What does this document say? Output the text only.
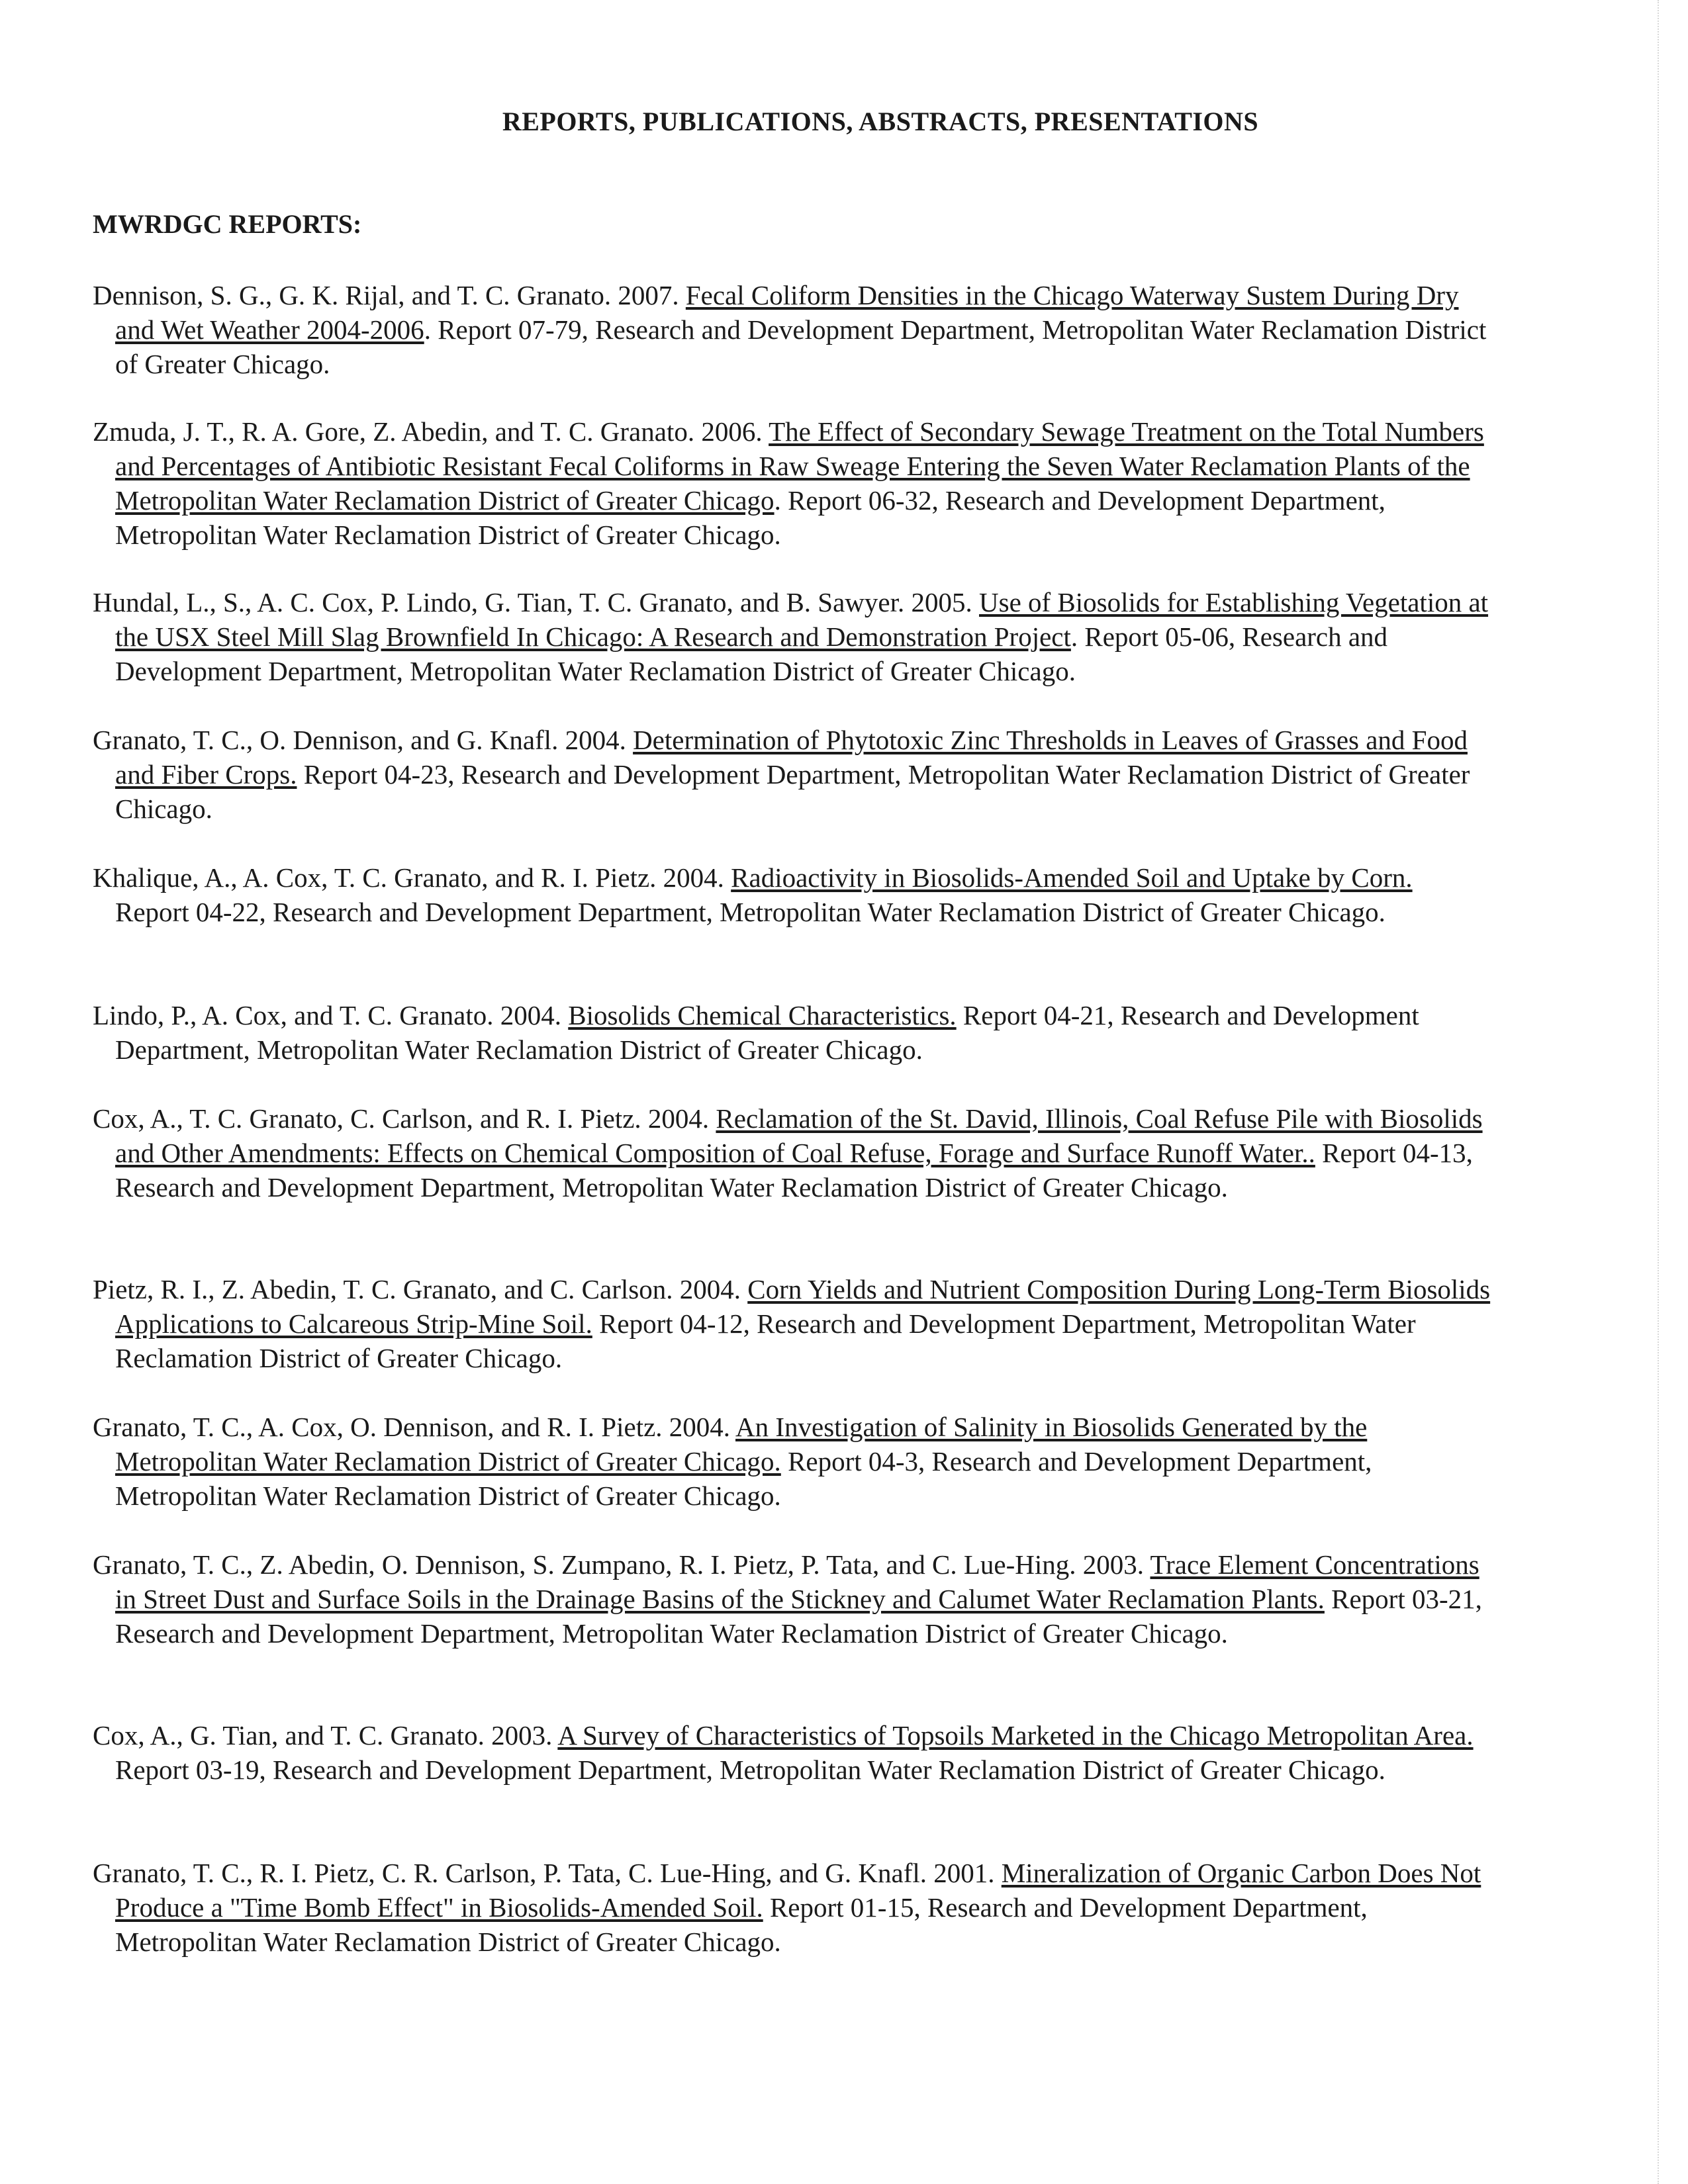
REPORTS, PUBLICATIONS, ABSTRACTS, PRESENTATIONS
MWRDGC REPORTS:

Dennison, S. G., G. K. Rijal, and T. C. Granato. 2007. Fecal Coliform Densities in the Chicago Waterway Sustem During Dry and Wet Weather 2004-2006. Report 07-79, Research and Development Department, Metropolitan Water Reclamation District of Greater Chicago.

Zmuda, J. T., R. A. Gore, Z. Abedin, and T. C. Granato. 2006. The Effect of Secondary Sewage Treatment on the Total Numbers and Percentages of Antibiotic Resistant Fecal Coliforms in Raw Sweage Entering the Seven Water Reclamation Plants of the Metropolitan Water Reclamation District of Greater Chicago. Report 06-32, Research and Development Department, Metropolitan Water Reclamation District of Greater Chicago.

Hundal, L., S., A. C. Cox, P. Lindo, G. Tian, T. C. Granato, and B. Sawyer. 2005. Use of Biosolids for Establishing Vegetation at the USX Steel Mill Slag Brownfield In Chicago: A Research and Demonstration Project. Report 05-06, Research and Development Department, Metropolitan Water Reclamation District of Greater Chicago.

Granato, T. C., O. Dennison, and G. Knafl. 2004. Determination of Phytotoxic Zinc Thresholds in Leaves of Grasses and Food and Fiber Crops. Report 04-23, Research and Development Department, Metropolitan Water Reclamation District of Greater Chicago.

Khalique, A., A. Cox, T. C. Granato, and R. I. Pietz. 2004. Radioactivity in Biosolids-Amended Soil and Uptake by Corn. Report 04-22, Research and Development Department, Metropolitan Water Reclamation District of Greater Chicago.

Lindo, P., A. Cox, and T. C. Granato. 2004. Biosolids Chemical Characteristics. Report 04-21, Research and Development Department, Metropolitan Water Reclamation District of Greater Chicago.

Cox, A., T. C. Granato, C. Carlson, and R. I. Pietz. 2004. Reclamation of the St. David, Illinois, Coal Refuse Pile with Biosolids and Other Amendments: Effects on Chemical Composition of Coal Refuse, Forage and Surface Runoff Water.. Report 04-13, Research and Development Department, Metropolitan Water Reclamation District of Greater Chicago.

Pietz, R. I., Z. Abedin, T. C. Granato, and C. Carlson. 2004. Corn Yields and Nutrient Composition During Long-Term Biosolids Applications to Calcareous Strip-Mine Soil. Report 04-12, Research and Development Department, Metropolitan Water Reclamation District of Greater Chicago.

Granato, T. C., A. Cox, O. Dennison, and R. I. Pietz. 2004. An Investigation of Salinity in Biosolids Generated by the Metropolitan Water Reclamation District of Greater Chicago. Report 04-3, Research and Development Department, Metropolitan Water Reclamation District of Greater Chicago.

Granato, T. C., Z. Abedin, O. Dennison, S. Zumpano, R. I. Pietz, P. Tata, and C. Lue-Hing. 2003. Trace Element Concentrations in Street Dust and Surface Soils in the Drainage Basins of the Stickney and Calumet Water Reclamation Plants. Report 03-21, Research and Development Department, Metropolitan Water Reclamation District of Greater Chicago.

Cox, A., G. Tian, and T. C. Granato. 2003. A Survey of Characteristics of Topsoils Marketed in the Chicago Metropolitan Area. Report 03-19, Research and Development Department, Metropolitan Water Reclamation District of Greater Chicago.

Granato, T. C., R. I. Pietz, C. R. Carlson, P. Tata, C. Lue-Hing, and G. Knafl. 2001. Mineralization of Organic Carbon Does Not Produce a "Time Bomb Effect" in Biosolids-Amended Soil. Report 01-15, Research and Development Department, Metropolitan Water Reclamation District of Greater Chicago.
